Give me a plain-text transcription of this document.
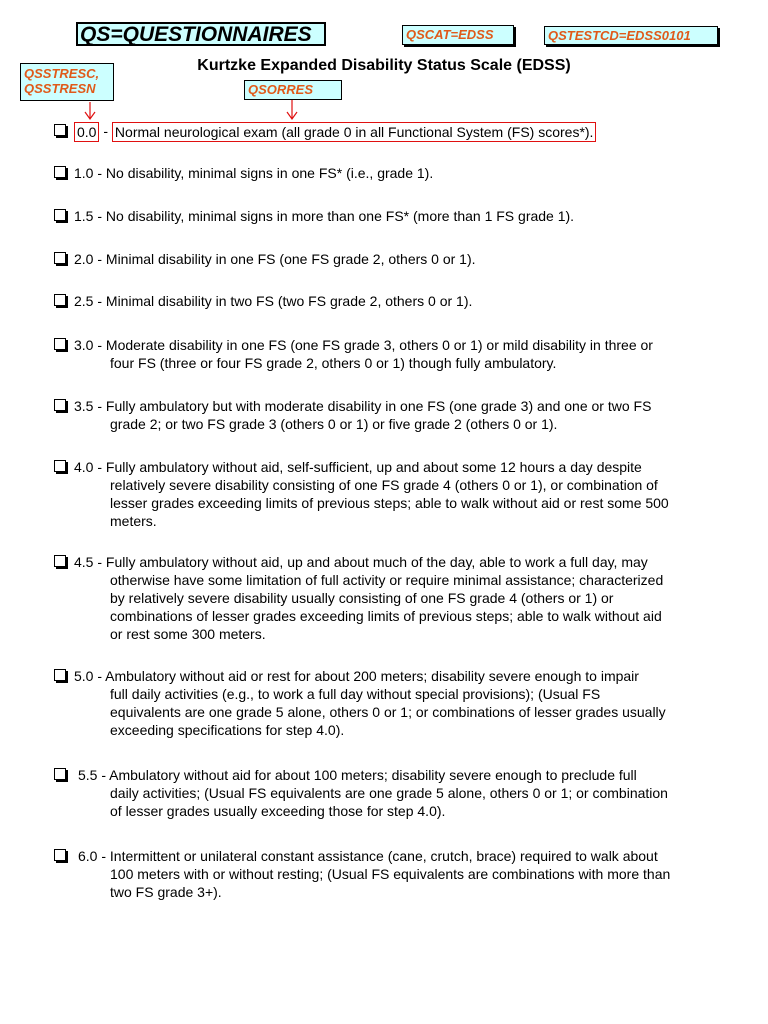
QS=QUESTIONNAIRES	QSCAT=EDSS	QSTESTCD=EDSS0101
QSSTRESC,
QSSTRESN	QSORRES
Kurtzke Expanded Disability Status Scale (EDSS)
0.0 - Normal neurological exam (all grade 0 in all Functional System (FS) scores*).
1.0 - No disability, minimal signs in one FS* (i.e., grade 1).
1.5 - No disability, minimal signs in more than one FS* (more than 1 FS grade 1).
2.0 - Minimal disability in one FS (one FS grade 2, others 0 or 1).
2.5 - Minimal disability in two FS (two FS grade 2, others 0 or 1).
3.0 - Moderate disability in one FS (one FS grade 3, others 0 or 1) or mild disability in three or
four FS (three or four FS grade 2, others 0 or 1) though fully ambulatory.
3.5 - Fully ambulatory but with moderate disability in one FS (one grade 3) and one or two FS
grade 2; or two FS grade 3 (others 0 or 1) or five grade 2 (others 0 or 1).
4.0 - Fully ambulatory without aid, self-sufficient, up and about some 12 hours a day despite
relatively severe disability consisting of one FS grade 4 (others 0 or 1), or combination of
lesser grades exceeding limits of previous steps; able to walk without aid or rest some 500
meters.
4.5 - Fully ambulatory without aid, up and about much of the day, able to work a full day, may
otherwise have some limitation of full activity or require minimal assistance; characterized
by relatively severe disability usually consisting of one FS grade 4 (others or 1) or
combinations of lesser grades exceeding limits of previous steps; able to walk without aid
or rest some 300 meters.
5.0 - Ambulatory without aid or rest for about 200 meters; disability severe enough to impair
full daily activities (e.g., to work a full day without special provisions); (Usual FS
equivalents are one grade 5 alone, others 0 or 1; or combinations of lesser grades usually
exceeding specifications for step 4.0).
5.5 - Ambulatory without aid for about 100 meters; disability severe enough to preclude full
daily activities; (Usual FS equivalents are one grade 5 alone, others 0 or 1; or combination
of lesser grades usually exceeding those for step 4.0).
6.0 - Intermittent or unilateral constant assistance (cane, crutch, brace) required to walk about
100 meters with or without resting; (Usual FS equivalents are combinations with more than
two FS grade 3+).
